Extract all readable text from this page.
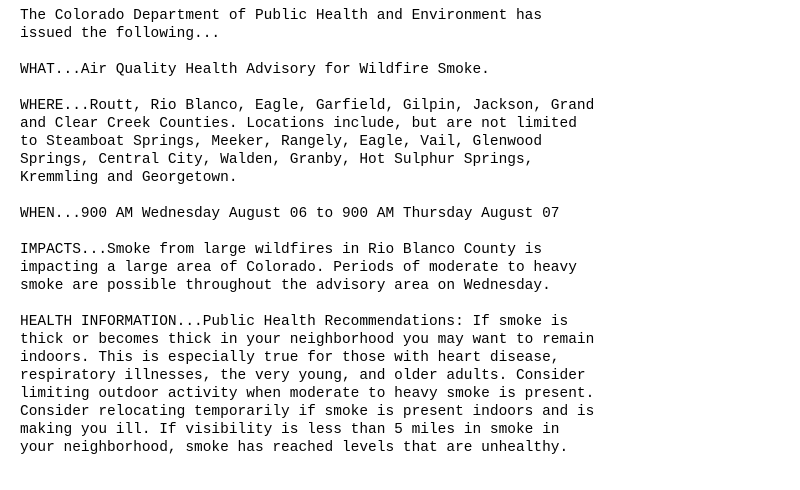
The Colorado Department of Public Health and Environment has
issued the following...
WHAT...Air Quality Health Advisory for Wildfire Smoke.
WHERE...Routt, Rio Blanco, Eagle, Garfield, Gilpin, Jackson, Grand
and Clear Creek Counties. Locations include, but are not limited
to Steamboat Springs, Meeker, Rangely, Eagle, Vail, Glenwood
Springs, Central City, Walden, Granby, Hot Sulphur Springs,
Kremmling and Georgetown.
WHEN...900 AM Wednesday August 06 to 900 AM Thursday August 07
IMPACTS...Smoke from large wildfires in Rio Blanco County is
impacting a large area of Colorado. Periods of moderate to heavy
smoke are possible throughout the advisory area on Wednesday.
HEALTH INFORMATION...Public Health Recommendations: If smoke is
thick or becomes thick in your neighborhood you may want to remain
indoors. This is especially true for those with heart disease,
respiratory illnesses, the very young, and older adults. Consider
limiting outdoor activity when moderate to heavy smoke is present.
Consider relocating temporarily if smoke is present indoors and is
making you ill. If visibility is less than 5 miles in smoke in
your neighborhood, smoke has reached levels that are unhealthy.
